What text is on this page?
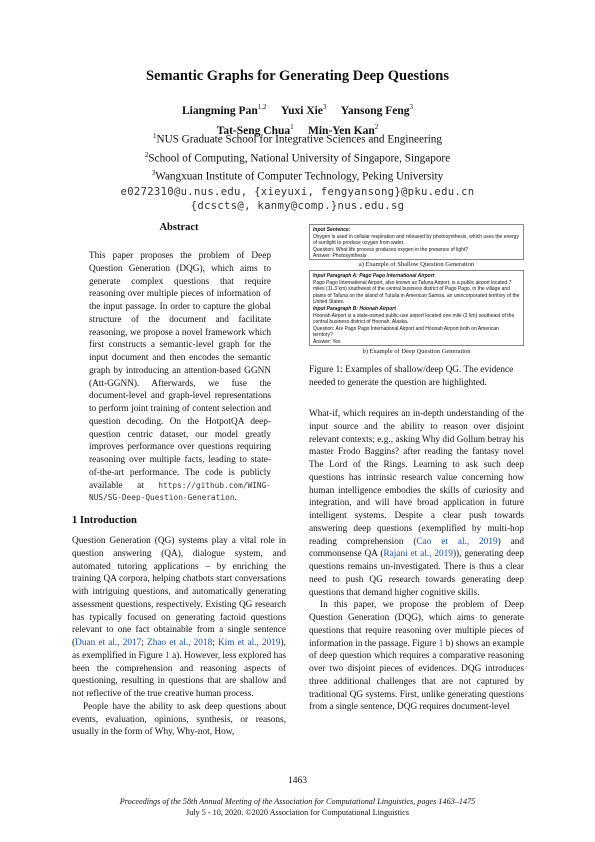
Semantic Graphs for Generating Deep Questions
Liangming Pan$^{1,2}$ Yuxi Xie$^3$ Yansong Feng$^3$
Tat-Seng Chua$^1$ Min-Yen Kan$^2$
$^1$NUS Graduate School for Integrative Sciences and Engineering
$^2$School of Computing, National University of Singapore, Singapore
$^3$Wangxuan Institute of Computer Technology, Peking University
e0272310@u.nus.edu, {xieyuxi, fengyansong}@pku.edu.cn
{dcscts@, kanmy@comp.}nus.edu.sg
Abstract
This paper proposes the problem of Deep Question Generation (DQG), which aims to generate complex questions that require reasoning over multiple pieces of information of the input passage. In order to capture the global structure of the document and facilitate reasoning, we propose a novel framework which first constructs a semantic-level graph for the input document and then encodes the semantic graph by introducing an attention-based GGNN (Att-GGNN). Afterwards, we fuse the document-level and graph-level representations to perform joint training of content selection and question decoding. On the HotpotQA deep-question centric dataset, our model greatly improves performance over questions requiring reasoning over multiple facts, leading to state-of-the-art performance. The code is publicly available at https://github.com/WING-NUS/SG-Deep-Question-Generation.
1 Introduction

Question Generation (QG) systems play a vital role in question answering (QA), dialogue system, and automated tutoring applications – by enriching the training QA corpora, helping chatbots start conversations with intriguing questions, and automatically generating assessment questions, respectively. Existing QG research has typically focused on generating factoid questions relevant to one fact obtainable from a single sentence (Duan et al., 2017; Zhao et al., 2018; Kim et al., 2019), as exemplified in Figure 1 a). However, less explored has been the comprehension and reasoning aspects of questioning, resulting in questions that are shallow and not reflective of the true creative human process.

People have the ability to ask deep questions about events, evaluation, opinions, synthesis, or reasons, usually in the form of Why, Why-not, How,

Input Sentence:
Oxygen is used in cellular respiration and released by photosynthesis, which uses the energy of sunlight to produce oxygen from water.
Question: What life process produces oxygen in the presence of light?
Answer: Photosynthesis
a) Example of Shallow Question Generation
Input Paragraph A: Pago Pago International Airport
Pago Pago International Airport, also known as Tafuna Airport, is a public airport located 7 miles (11.3 km) southwest of the central business district of Pago Pago, in the village and plains of Tafuna on the island of Tutuila in American Samoa, an unincorporated territory of the United States.
Input Paragraph B: Hoonah Airport
Hoonah Airport is a state-owned public-use airport located one mile (2 km) southeast of the central business district of Hoonah, Alaska.
Question: Are Pago Pago International Airport and Hoonah Airport both on American territory?
Answer: Yes
b) Example of Deep Question Generation
Figure 1: Examples of shallow/deep QG. The evidence needed to generate the question are highlighted.

What-if, which requires an in-depth understanding of the input source and the ability to reason over disjoint relevant contexts; e.g., asking Why did Gollum betray his master Frodo Baggins? after reading the fantasy novel The Lord of the Rings. Learning to ask such deep questions has intrinsic research value concerning how human intelligence embodies the skills of curiosity and integration, and will have broad application in future intelligent systems. Despite a clear push towards answering deep questions (exemplified by multi-hop reading comprehension (Cao et al., 2019) and commonsense QA (Rajani et al., 2019)), generating deep questions remains un-investigated. There is thus a clear need to push QG research towards generating deep questions that demand higher cognitive skills.

In this paper, we propose the problem of Deep Question Generation (DQG), which aims to generate questions that require reasoning over multiple pieces of information in the passage. Figure 1 b) shows an example of deep question which requires a comparative reasoning over two disjoint pieces of evidences. DQG introduces three additional challenges that are not captured by traditional QG systems. First, unlike generating questions from a single sentence, DQG requires document-level

1463
Proceedings of the 58th Annual Meeting of the Association for Computational Linguistics, pages 1463–1475
July 5 - 10, 2020. ©2020 Association for Computational Linguistics
